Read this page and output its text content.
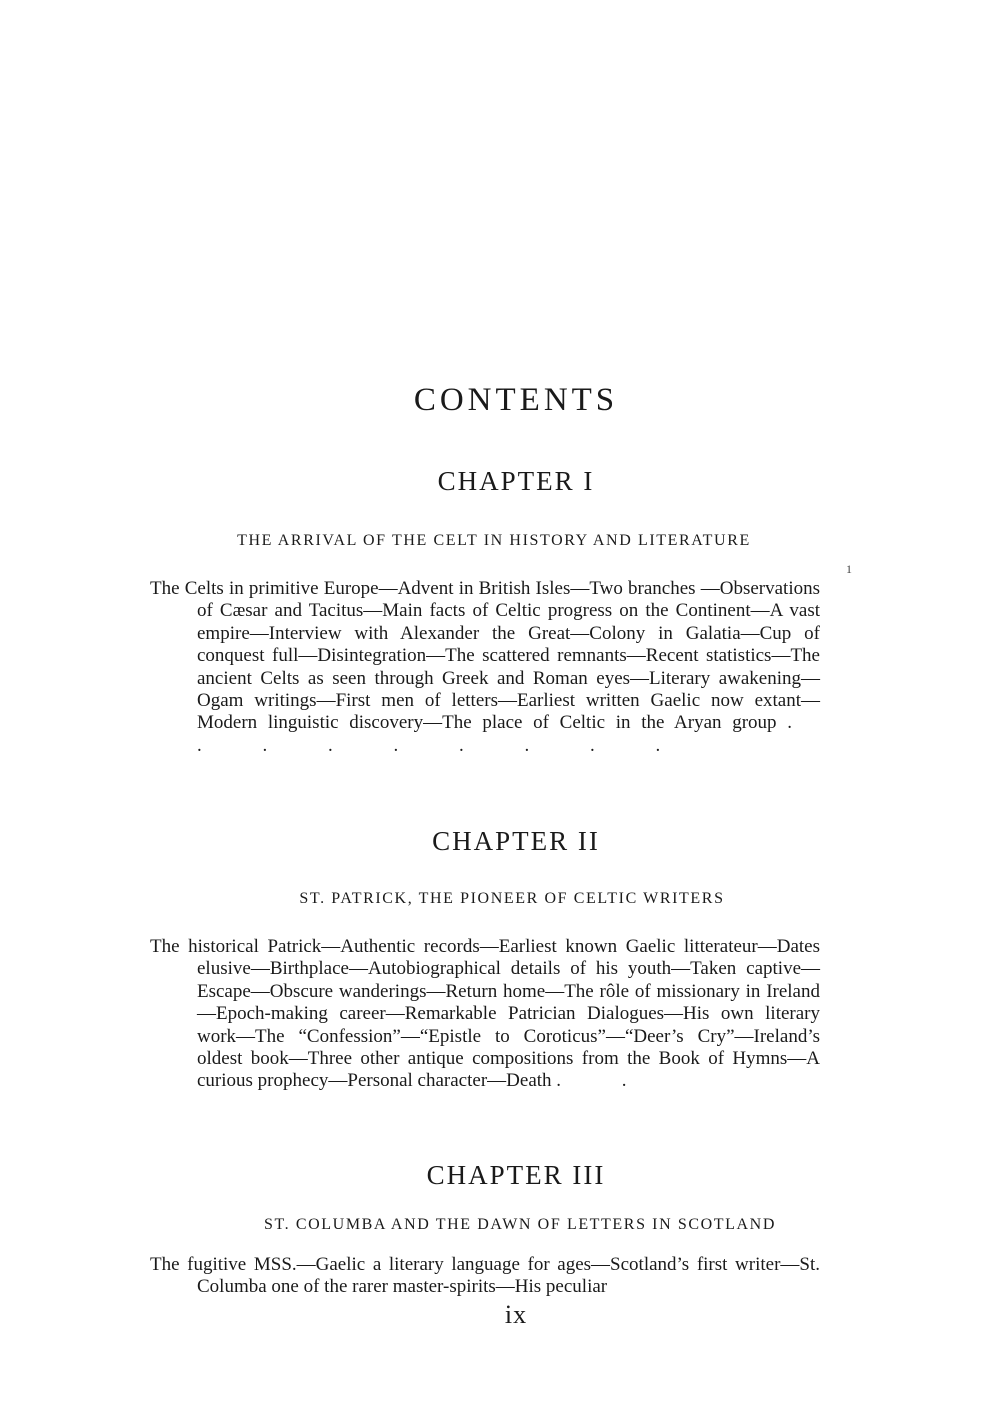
CONTENTS
CHAPTER I
THE ARRIVAL OF THE CELT IN HISTORY AND LITERATURE
1
The Celts in primitive Europe—Advent in British Isles—Two branches —Observations of Cæsar and Tacitus—Main facts of Celtic progress on the Continent—A vast empire—Interview with Alexander the Great—Colony in Galatia—Cup of conquest full—Disintegration—The scattered remnants—Recent statistics—The ancient Celts as seen through Greek and Roman eyes—Literary awakening—Ogam writings—First men of letters—Earliest written Gaelic now extant—Modern linguistic discovery—The place of Celtic in the Aryan group . . . . . . . . .
CHAPTER II
ST. PATRICK, THE PIONEER OF CELTIC WRITERS
The historical Patrick—Authentic records—Earliest known Gaelic litterateur—Dates elusive—Birthplace—Autobiographical details of his youth—Taken captive—Escape—Obscure wanderings—Return home—The rôle of missionary in Ireland—Epoch-making career—Remarkable Patrician Dialogues—His own literary work—The “Confession”—“Epistle to Coroticus”—“Deer’s Cry”—Ireland’s oldest book—Three other antique compositions from the Book of Hymns—A curious prophecy—Personal character—Death . .
CHAPTER III
ST. COLUMBA AND THE DAWN OF LETTERS IN SCOTLAND
The fugitive MSS.—Gaelic a literary language for ages—Scotland’s first writer—St. Columba one of the rarer master-spirits—His peculiar
ix
